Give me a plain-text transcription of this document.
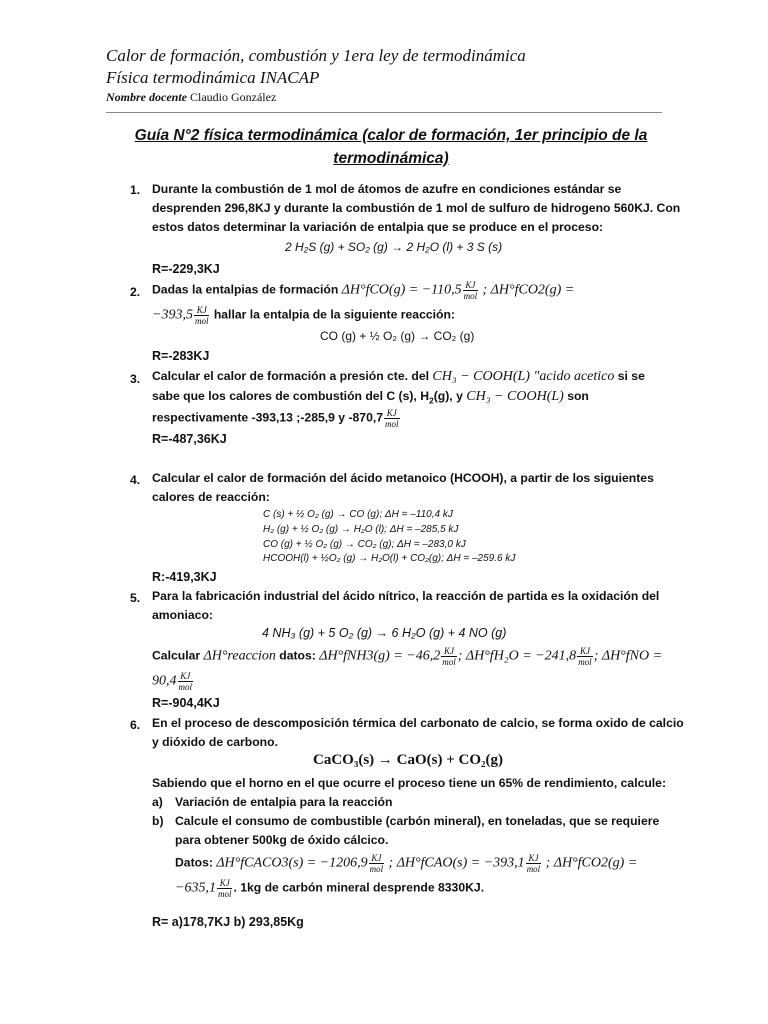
Calor de formación, combustión y 1era ley de termodinámica
Física termodinámica INACAP
Nombre docente Claudio González
Guía N°2 física termodinámica (calor de formación, 1er principio de la
termodinámica)
1. Durante la combustión de 1 mol de átomos de azufre en condiciones estándar se
desprenden 296,8KJ y durante la combustión de 1 mol de sulfuro de hidrogeno 560KJ. Con
estos datos determinar la variación de entalpia que se produce en el proceso:
2 H₂S (g) + SO₂ (g) → 2 H₂O (l) + 3 S (s)
R=-229,3KJ
2. Dadas la entalpias de formación ΔH°fCO(g) = −110,5 KJ
mol ; ΔH°fCO2(g) =
−393,5 KJ
mol hallar la entalpia de la siguiente reacción:
CO (g) + ½ O₂ (g) → CO₂ (g)
R=-283KJ
3. Calcular el calor de formación a presión cte. del CH₃ − COOH(L) "acido acetico si se
sabe que los calores de combustión del C (s), $H_2(g)$, y CH₃ − COOH(L) son
respectivamente -393,13 ;-285,9 y -870,7 KJ
mol
R=-487,36KJ
4. Calcular el calor de formación del ácido metanoico (HCOOH), a partir de los siguientes
calores de reacción:
C (s) + ½ O₂ (g) → CO (g); ΔH = –110,4 kJ
H₂ (g) + ½ O₂ (g) → H₂O (l); ΔH = –285,5 kJ
CO (g) + ½ O₂ (g) → CO₂ (g); ΔH = –283,0 kJ
HCOOH(l) + ½O₂ (g) → H₂O(l) + CO₂(g); ΔH = –259.6 kJ
R:-419,3KJ
5. Para la fabricación industrial del ácido nítrico, la reacción de partida es la oxidación del
amoniaco:
4 NH₃ (g) + 5 O₂ (g) → 6 H₂O (g) + 4 NO (g)
Calcular ΔH°reaccion datos: ΔH°fNH3(g) = −46,2 KJ
mol ; ΔH°fH₂O = −241,8 KJ
mol ; ΔH°fNO =
90,4 KJ
mol
R=-904,4KJ
6. En el proceso de descomposición térmica del carbonato de calcio, se forma oxido de calcio
y dióxido de carbono.
CaCO₃(s) → CaO(s) + CO₂(g)
Sabiendo que el horno en el que ocurre el proceso tiene un 65% de rendimiento, calcule:
a) Variación de entalpia para la reacción
b) Calcule el consumo de combustible (carbón mineral), en toneladas, que se requiere
para obtener 500kg de óxido cálcico.
Datos: ΔH°fCACO3(s) = −1206,9 KJ
mol ; ΔH°fCAO(s) = −393,1 KJ
mol ; ΔH°fCO2(g) =
−635,1 KJ
mol . 1kg de carbón mineral desprende 8330KJ.
R= a)178,7KJ b) 293,85Kg
